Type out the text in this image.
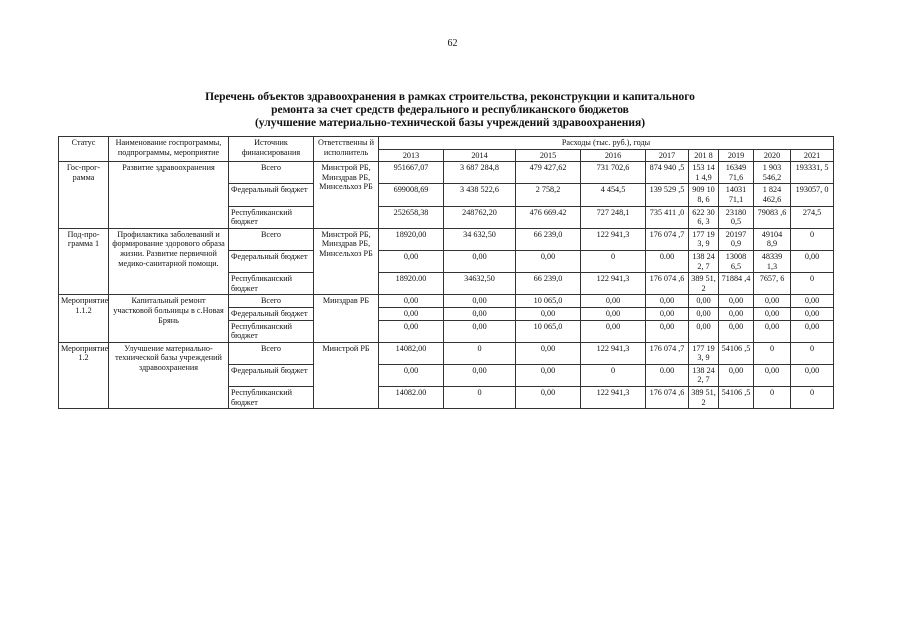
62
Перечень объектов здравоохранения в рамках строительства, реконструкции и капитального
ремонта за счет средств федерального и республиканского бюджетов
(улучшение материально-технической базы учреждений здравоохранения)
Статус	Наименование госпрограммы, подпрограммы, мероприятие	Источник финансирования	Ответственны й исполнитель	Расходы (тыс. руб.), годы								
				2013	2014	2015	2016	2017	201 8	2019	2020	2021
Гос-прог-рамма	Развитие здравоохранения	Всего	Минстрой РБ, Минздрав РБ, Минсельхоз РБ	951667,07	3 687 284,8	479 427,62	731 702,6	874 940 ,5	153 141 4,9	16349 71,6	1 903 546,2	193331, 5
		Федеральный бюджет		699008,69	3 438 522,6	2 758,2	4 454,5	139 529 ,5	909 108, 6	14031 71,1	1 824 462,6	193057, 0
		Республиканский бюджет		252658,38	248762,20	476 669.42	727 248,1	735 411 ,0	622 306, 3	23180 0,5	79083 ,6	274,5
Под-про-грамма 1	Профилактика заболеваний и формирование здорового образа жизни. Развитие первичной медико-санитарной помощи.	Всего	Минстрой РБ, Минздрав РБ, Минсельхоз РБ	18920,00	34 632,50	66 239,0	122 941,3	176 074 ,7	177 193, 9	20197 0,9	49104 8,9	0
		Федеральный бюджет		0,00	0,00	0,00	0	0.00	138 242, 7	13008 6,5	48339 1,3	0,00
		Республиканский бюджет		18920.00	34632,50	66 239,0	122 941,3	176 074 ,6	389 51,2	71884 ,4	7657, 6	0
Мероприятие 1.1.2	Капитальный ремонт участковой больницы в с.Новая Брянь	Всего	Минздрав РБ	0,00	0,00	10 065,0	0,00	0,00	0,00	0,00	0,00	0,00
		Федеральный бюджет		0,00	0,00	0,00	0,00	0,00	0,00	0,00	0,00	0,00
		Республиканский бюджет		0,00	0,00	10 065,0	0,00	0,00	0,00	0,00	0,00	0,00
Мероприятие 1.2	Улучшение материально-технической базы учреждений здравоохранения	Всего	Минстрой РБ	14082,00	0	0,00	122 941,3	176 074 ,7	177 193, 9	54106 ,5	0	0
		Федеральный бюджет		0,00	0,00	0,00	0	0.00	138 242, 7	0,00	0,00	0,00
		Республиканский бюджет		14082.00	0	0,00	122 941,3	176 074 ,6	389 51,2	54106 ,5	0	0
